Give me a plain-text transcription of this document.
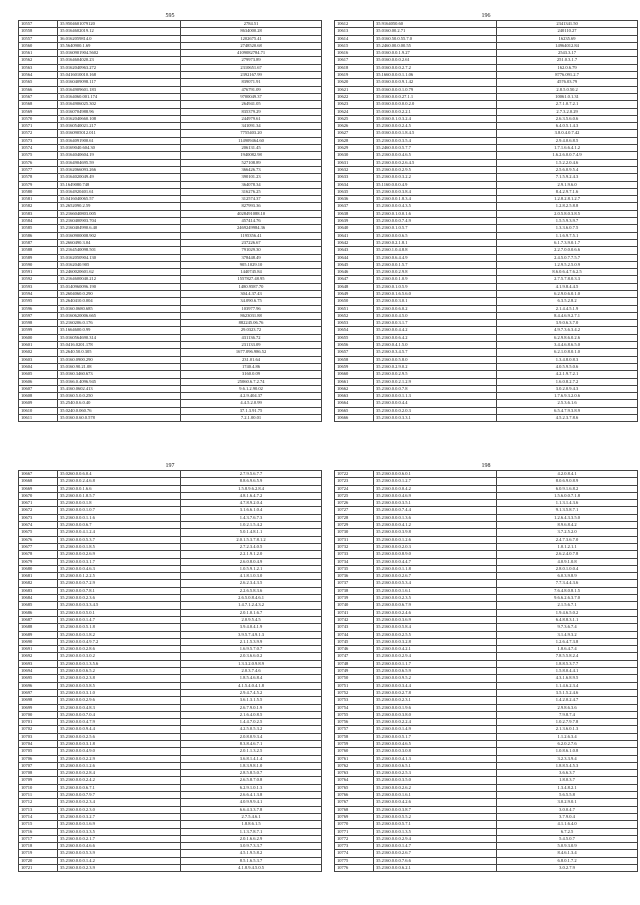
595
10557	35.9504601079120	2784.51
10558	35.0164602019.12	8634000.28
10557	36.0162059814.0	1202675.41
10560	35.5640900.1.69	2748520.68
10561	35.0160901904.5602	4109082784.71
10562	35.0164604020.23	279973.89
10563	35.0162040963.272	2310651.67
10564	35.0416010010.168	2392167.99
10565	35.0160409098.117	839071.91
10566	35.0164909601.183	476791.09
10567	35.0164060.001.174	9700049.37
10568	35.0164906025.302	264941.05
10569	35.0160704988.96	835379.29
10570	35.0162040660.108	244979.61
10571	35.0160540021.217	341091.34
10572	35.0160905012.011	7755403.20
10573	35.0164091900.61	114909464.60
10574	35.0169040.604.30	206131.45
10575	35.0164040604.19	1940082.98
10576	35.0164904695.59	527108.89
10577	35.0162066093.266	366426.73
10578	35.0164020049.49	390101.23
10579	35.1649080.748	364078.34
10580	35.0164920401.61	316276.25
10581	35.0416040065.57	312574.37
10582	35.2652090.2.59	827993.36
10583	35.2166040803.005	4028491088.10
10584	35.2160400903.704	457414.76
10585	35.2160404990.6.40	2469249984.36
10586	35.0160900008.902	1195356.41
10587	35.2660490.3.04	237226.67
10588	35.2164540098.501	791029.30
10589	35.0162050904.130	378448.49
10590	35.0162040.905	905.1029.10
10591	35.2460020601.62	1440745.84
10592	35.2164600040.212	1557827.48.95
10593	35.0140960096.190	1480.9587.70
10594	35.2604060.0.290	304.4.37.43
10595	35.2640410.0.004	34.090.6.75
10596	35.0160.0680.685	103977.96
10597	35.0160620006.665	8623031.88
10598	35.2160206.0.176	882245.06.76
10599	35.1664600.0.99	29.0323.72
10600	35.0160564690.314	431136.72
10601	35.0416.0201.178	231133.09
10602	35.2640.50.0.305	1677.096.986.52
10603	35.0160.0900.290	231.01.64
10604	35.0160.90.21.08	1740.4.86
10605	35.0160.3460.673	3160.0.09
10606	35.0166.0.4096.945	25060.6.7.2.74
10607	35.4160.0602.413	9.6.1.2.90.02
10608	35.0160.5.0.0.250	4.2.9.404.37
10609	35.2540.0.6.0.40	4.4.5.2.0.99
10610	35.0240.0.060.76	37.1.3.91.75
10611	35.0160.0.60.0.578	7.2.1.00.01
196
10612	35.9164050.60	2341341.50
10613	35.0160.00.2.71	240110.27
10614	35.0160.50.0.55.7.0	16235.69
10615	35.2460.00.0.00.55	14964012.84
10616	35.0160.0.0.1.9.27	2543.3.17
10617	35.0160.0.0.0.2.61	251.0.3.1.7
10618	35.0160.0.0.0.2.7.2	162.0.6.79
10619	35.1660.0.0.0.1.1.06	8776.091.2.7
10620	35.0160.0.0.0.9.1.42	4576.03.79
10621	35.0160.0.0.0.1.0.79	2.8.5.0.50.2
10622	35.0160.0.0.0.27.1.1	10061.0.1.31
10623	35.0160.0.0.0.0.0.2.0	2.7.1.0.7.2.1
10624	35.0160.0.0.0.2.2.1	2.7.3.2.0.29
10625	35.0160.0.1.0.3.2.4	2.6.3.5.6.0.6
10626	35.2160.0.0.0.2.4.5	6.4.0.5.1.4.3
10627	35.0160.0.0.0.1.8.4.5	3.8.0.4.0.7.42
10628	35.2160.0.0.0.3.5.4	2.9.4.0.6.8.5
10629	35.2460.0.0.0.5.7.7	1.7.1.6.6.4.1.2
10630	35.2160.0.0.0.4.6.5	1.6.2.6.0.0.7.4.9
10631	35.2160.0.0.0.2.6.4.5	1.5.2.2.0.4.6
10632	35.2160.0.0.0.2.9.5	2.5.6.0.9.5.4
10633	35.2160.0.0.0.3.2.2	7.1.5.9.2.4.3
10634	35.1160.0.0.0.4.9	2.9.1.9.6.0
10635	35.2160.0.0.0.3.8.4	8.4.2.9.7.1.6
10636	35.2160.0.0.1.8.3.4	1.2.8.2.8.1.2.7
10637	35.2160.0.0.0.4.3.5	1.2.8.2.5.8.8
10638	35.2160.0.1.0.0.1.6	2.0.5.8.0.3.8.5
10639	35.2160.0.0.0.7.4.9	1.5.5.9.3.9.7
10640	35.2160.0.1.0.5.7	1.3.3.6.0.7.5
10641	35.2160.0.0.0.6.5	1.1.6.9.7.5.1
10642	35.2160.0.2.1.8.1	6.1.7.3.9.0.1.7
10643	35.2160.1.0.4.8.8	2.2.7.0.0.0.6.6
10644	35.2160.0.6.4.4.9	2.4.5.0.7.7.5.7
10645	35.2160.0.0.1.5.7	1.2.9.5.2.5.0.9
10646	35.2160.0.0.2.9.8	8.6.0.6.4.7.6.2.5
10647	35.2160.0.0.1.0.9	2.7.5.7.8.0.3.3
10648	35.2160.0.1.0.5.9	4.1.9.8.4.4.5
10649	35.2160.0.1.6.5.6.0	6.2.9.0.6.0.1.0
10650	35.2160.0.0.3.0.1	6.3.5.2.8.2
10651	35.2160.0.0.6.0.2	2.1.4.4.5.1.9
10652	35.2160.0.0.4.5.0	8.4.4.6.9.2.7.1
10653	35.2160.0.0.3.1.7	3.9.0.6.3.7.0
10654	35.2160.0.0.4.4.2	4.9.7.3.6.3.4.2
10655	35.2160.0.0.6.4.2	6.2.9.8.6.0.2.6
10656	35.2160.0.4.1.5.0	3.4.4.6.8.6.5.0
10657	35.2160.0.3.4.5.7	6.2.1.0.8.0.1.0
10658	35.2160.0.0.5.8.0	1.3.4.8.0.8.3
10659	35.2160.0.2.9.0.2	4.0.5.9.5.0.6
10660	35.2160.0.0.2.9.5	4.2.1.9.7.2.1
10661	35.2160.0.0.2.1.2.9	1.6.0.8.2.7.2
10662	35.2160.0.0.0.7.8	3.0.2.0.9.4.3
10663	35.2160.0.0.0.1.1.3	1.7.6.9.3.2.0.6
10664	35.2160.0.0.0.4.4	2.5.3.6.1.6
10665	35.2160.0.0.0.2.0.3	6.5.4.7.9.3.8.9
10666	35.2160.0.0.0.3.3.1	4.5.2.3.7.8.6
197
10667	35.0260.0.0.6.0.4	2.7.9.5.6.7.7
10668	35.2160.0.0.2.4.6.8	8.8.6.9.6.5.9
10669	35.2160.0.0.1.6.6	1.5.8.9.6.2.8.4
10670	35.2160.0.0.1.8.5.7	4.8.1.6.4.7.2
10671	35.2160.0.0.0.1.8	4.7.8.9.2.0.4
10672	35.2160.0.0.0.1.0.7	3.1.6.6.1.0.4
10673	35.2160.0.0.0.1.1.6	1.4.3.7.6.7.3
10674	35.2160.0.0.0.6.7	1.0.2.1.5.4.2
10675	35.2160.0.0.4.1.2.4	5.0.1.4.8.1.1
10676	35.2160.0.0.0.5.3.7	2.0.1.5.3.7.8.1.2
10677	35.2160.0.0.0.1.8.5	2.7.2.3.4.0.5
10678	35.2160.0.0.0.2.6.9	2.2.1.9.1.2.0
10679	35.2160.0.0.0.3.1.7	2.6.0.8.0.4.9
10680	35.2160.0.0.0.4.6.3	1.0.5.9.1.2.1
10681	35.2160.0.0.1.2.2.5	4.1.8.1.0.3.0
10682	35.2160.0.0.0.7.2.9	2.6.2.3.4.3.5
10683	35.2160.0.0.0.7.8.1	2.2.6.5.8.3.6
10684	35.2160.0.0.0.2.3.6	2.6.5.0.8.4.6.1
10685	35.2160.0.0.0.3.3.4.5	1.4.7.1.2.4.3.2
10686	35.2160.0.0.0.5.0.1	2.0.1.0.1.6.7
10687	35.2160.0.0.0.1.4.7	2.0.9.5.4.5
10688	35.2160.0.0.0.5.1.8	3.9.4.0.4.1.9
10689	35.2160.0.0.0.1.8.2	3.9.5.7.4.9.1.3
10690	35.2160.0.0.0.4.9.7.2	2.1.1.5.3.9.9
10691	35.2160.0.0.0.2.8.6	1.6.9.5.7.0.7
10692	35.2160.0.0.0.3.0.2	2.0.3.6.6.0.2
10693	35.2160.0.0.0.1.3.5.6	1.3.3.2.0.9.8.9
10694	35.2160.0.0.0.6.5.2	2.0.3.7.4.6
10695	35.2160.0.0.0.2.3.8	1.8.5.4.6.8.4
10696	35.2160.0.0.0.5.8.5	4.1.5.4.0.4.1.8
10697	35.2160.0.0.0.3.1.0	2.9.4.7.4.5.2
10698	35.2160.0.0.0.2.9.6	3.6.1.3.1.5.5
10699	35.2160.0.0.0.4.8.3	2.6.7.9.0.1.9
10700	35.2160.0.0.0.7.0.4	2.1.6.4.0.8.5
10701	35.2160.0.0.0.4.7.9	1.4.4.7.0.2.5
10702	35.2160.0.0.0.9.4.4	4.2.5.0.5.3.2
10703	35.2160.0.0.0.2.5.6	2.0.8.0.9.3.4
10704	35.2160.0.0.0.3.1.8	8.3.8.4.6.7.1
10705	35.2160.0.0.0.4.9.0	2.0.1.1.3.2.5
10706	35.2160.0.0.0.2.2.9	3.6.8.1.4.1.4
10707	35.2160.0.0.0.1.2.6	1.8.3.9.8.1.0
10708	35.2160.0.0.0.2.8.4	2.8.5.8.5.0.7
10709	35.2160.0.0.0.2.4.2	2.6.5.8.7.0.8
10710	35.2160.0.0.0.6.7.1	6.2.9.1.0.1.3
10711	35.2160.0.0.0.7.9.7	2.6.6.4.1.3.8
10712	35.2160.0.0.0.2.3.4	4.0.9.9.9.4.1
10713	35.2160.0.0.0.2.3.0	6.6.4.3.3.7.8
10714	35.2160.0.0.0.3.2.7	2.7.5.4.6.1
10715	35.2160.0.0.0.1.6.9	1.8.8.6.1.5
10716	35.2160.0.0.0.3.3.5	1.1.3.7.8.7.1
10717	35.2160.0.0.0.2.1.7	2.0.1.6.6.2.9
10718	35.2160.0.0.0.4.6.6	3.0.9.7.3.3.7
10719	35.2160.0.0.0.5.3.9	4.5.1.9.5.8.2
10720	35.2160.0.0.0.1.4.2	8.5.1.6.5.3.7
10721	35.2160.0.0.0.2.3.9	4.1.8.9.4.5.0.5
198
10722	35.2160.0.0.0.6.0.1	4.2.0.8.4.1
10723	35.2160.0.0.0.1.2.7	8.0.6.9.0.8.9
10724	35.2160.0.0.0.0.4.2	6.0.9.1.6.8.2
10725	35.2160.0.0.0.4.6.9	1.5.6.0.0.7.1.8
10726	35.2160.0.0.0.3.5.1	1.1.3.1.4.3.6
10727	35.2160.0.0.0.7.4.4	9.1.3.5.8.7.1
10728	35.2160.0.0.0.1.3.6	1.2.6.4.3.3.5.0
10729	35.2160.0.0.0.4.1.2	8.9.6.8.4.2
10730	35.2160.0.0.0.3.9.8	3.7.2.5.2.0
10731	35.2160.0.0.0.1.2.6	2.4.7.3.6.7.0
10732	35.2160.0.0.0.2.0.3	1.0.1.2.1.1
10733	35.2160.0.0.0.8.9.0	2.6.2.4.0.7.8
10734	35.2160.0.0.0.4.4.7	4.0.9.1.0.8
10735	35.2160.0.0.0.1.1.8	2.8.0.1.0.0.4
10736	35.2160.0.0.0.2.6.7	6.0.3.9.8.9
10737	35.2160.0.0.0.5.3.4	7.7.3.4.4.3.6
10738	35.2160.0.0.0.1.6.1	7.6.4.8.0.8.1.5
10739	35.2160.0.0.0.2.3.5	9.6.6.2.6.3.7.0
10740	35.2160.0.0.0.6.7.9	2.1.5.6.7.1
10741	35.2160.0.0.0.2.4.6	1.9.4.6.5.0.2
10742	35.2160.0.0.0.3.6.9	6.4.8.8.3.1.1
10743	35.2160.0.0.0.5.8.4	9.7.3.6.7.4
10744	35.2160.0.0.0.2.5.5	3.1.4.9.3.2
10745	35.2160.0.0.0.3.2.8	1.2.6.4.7.3.8
10746	35.2160.0.0.0.4.2.1	1.8.6.4.7.4
10747	35.2160.0.0.0.2.9.4	7.8.5.5.8.2.4
10748	35.2160.0.0.0.1.1.7	1.8.8.5.3.7.7
10749	35.2160.0.0.0.6.5.9	1.5.8.0.4.4.1
10750	35.2160.0.0.0.9.5.2	4.3.1.6.8.9.5
10751	35.2160.0.0.0.3.4.4	1.1.4.6.2.3.4
10752	35.2160.0.0.0.2.7.8	3.5.1.5.2.4.6
10753	35.2160.0.0.0.2.3.1	1.4.2.0.2.4.7
10754	35.2160.0.0.0.1.9.6	2.9.8.6.3.6
10755	35.2160.0.0.0.3.8.0	7.9.8.7.4
10756	35.2160.0.0.0.2.2.4	1.0.2.7.9.7.8
10757	35.2160.0.0.0.1.4.9	2.1.3.6.0.1.3
10758	35.2160.0.0.0.5.1.7	1.1.2.6.3.4
10759	35.2160.0.0.0.4.6.5	6.2.0.2.7.6
10760	35.2160.0.0.0.3.0.8	1.0.8.6.1.0.8
10761	35.2160.0.0.0.4.1.3	3.2.3.3.9.4
10762	35.2160.0.0.0.6.5.1	1.8.8.5.4.5.3
10763	35.2160.0.0.0.2.5.3	3.6.6.3.7
10764	35.2160.0.0.0.3.5.0	1.8.0.3.7
10765	35.2160.0.0.0.2.6.2	1.3.4.8.2.1
10766	35.2160.0.0.0.1.6.1	5.6.5.5.8
10767	35.2160.0.0.0.4.2.6	3.0.2.9.0.1
10768	35.2160.0.0.0.3.8.7	3.0.0.4.7
10769	35.2160.0.0.0.5.5.2	3.7.9.0.4
10770	35.2160.0.0.0.5.7.1	4.1.1.6.4.0
10771	35.2160.0.0.0.1.3.5	6.7.2.5
10772	35.2160.0.0.0.2.9.4	5.4.5.0.7
10773	35.2160.0.0.0.1.4.7	5.0.9.3.0.9
10774	35.2160.0.0.0.2.6.7	8.4.6.1.3.4
10775	35.2160.0.0.0.7.6.6	6.8.0.1.7.2
10776	35.2160.0.0.0.6.2.1	3.0.2.7.9
